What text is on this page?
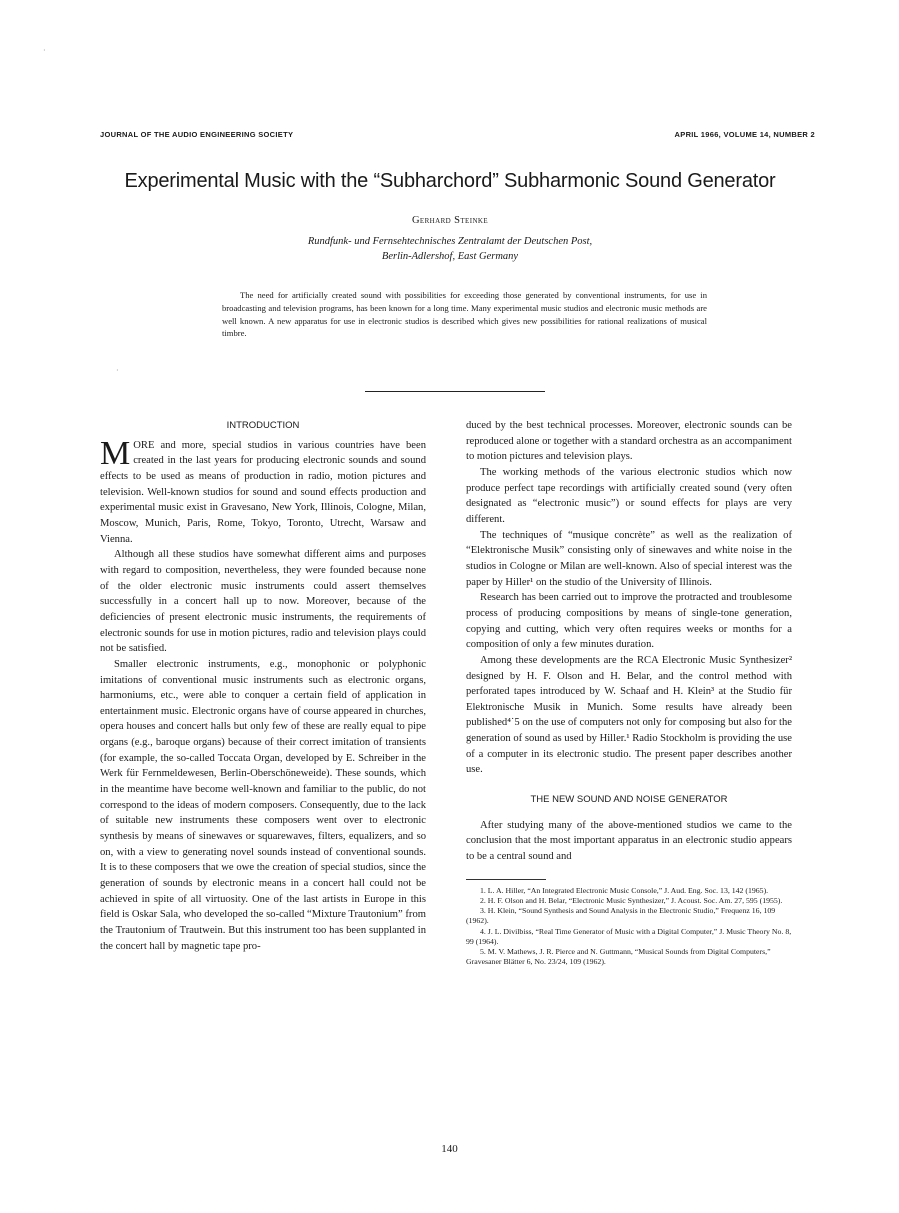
JOURNAL OF THE AUDIO ENGINEERING SOCIETY	APRIL 1966, VOLUME 14, NUMBER 2
Experimental Music with the “Subharchord” Subharmonic Sound Generator
Gerhard Steinke
Rundfunk- und Fernsehtechnisches Zentralamt der Deutschen Post,
Berlin-Adlershof, East Germany
The need for artificially created sound with possibilities for exceeding those generated by conventional instruments, for use in broadcasting and television programs, has been known for a long time. Many experimental music studios and electronic music methods are well known. A new apparatus for use in electronic studios is described which gives new possibilities for rational realizations of musical timbre.
·
·
INTRODUCTION

MORE and more, special studios in various countries have been created in the last years for producing electronic sounds and sound effects to be used as means of production in radio, motion pictures and television. Well-known studios for sound and sound effects production and experimental music exist in Gravesano, New York, Illinois, Cologne, Milan, Moscow, Munich, Paris, Rome, Tokyo, Toronto, Utrecht, Warsaw and Vienna.

Although all these studios have somewhat different aims and purposes with regard to composition, nevertheless, they were founded because none of the older electronic music instruments could assert themselves successfully in a concert hall up to now. Moreover, because of the deficiencies of present electronic music instruments, the requirements of electronic sounds for use in motion pictures, radio and television plays could not be satisfied.

Smaller electronic instruments, e.g., monophonic or polyphonic imitations of conventional music instruments such as electronic organs, harmoniums, etc., were able to conquer a certain field of application in entertainment music. Electronic organs have of course appeared in churches, opera houses and concert halls but only few of these are really equal to pipe organs (e.g., baroque organs) because of their correct imitation of transients (for example, the so-called Toccata Organ, developed by E. Schreiber in the Werk für Fernmeldewesen, Berlin-Oberschöneweide). These sounds, which in the meantime have become well-known and familiar to the public, do not correspond to the ideas of modern composers. Consequently, due to the lack of suitable new instruments these composers went over to electronic synthesis by means of sinewaves or squarewaves, filters, equalizers, and so on, with a view to generating novel sounds instead of conventional sounds. It is to these composers that we owe the creation of special studios, since the generation of sounds by electronic means in a concert hall could not be achieved in spite of all virtuosity. One of the last artists in Europe in this field is Oskar Sala, who developed the so-called “Mixture Trautonium” from the Trautonium of Trautwein. But this instrument too has been supplanted in the concert hall by magnetic tape pro-

duced by the best technical processes. Moreover, electronic sounds can be reproduced alone or together with a standard orchestra as an accompaniment to motion pictures and television plays.

The working methods of the various electronic studios which now produce perfect tape recordings with artificially created sound (very often designated as “electronic music”) or sound effects for plays are very different.

The techniques of “musique concrète” as well as the realization of “Elektronische Musik” consisting only of sinewaves and white noise in the studios in Cologne or Milan are well-known. Also of special interest was the paper by Hiller¹ on the studio of the University of Illinois.

Research has been carried out to improve the protracted and troublesome process of producing compositions by means of single-tone generation, copying and cutting, which very often requires weeks or months for a composition of only a few minutes duration.

Among these developments are the RCA Electronic Music Synthesizer² designed by H. F. Olson and H. Belar, and the control method with perforated tapes introduced by W. Schaaf and H. Klein³ at the Studio für Elektronische Musik in Munich. Some results have already been published⁴˙5 on the use of computers not only for composing but also for the generation of sound as used by Hiller.¹ Radio Stockholm is providing the use of a computer in its electronic studio. The present paper describes another use.

THE NEW SOUND AND NOISE GENERATOR

After studying many of the above-mentioned studios we came to the conclusion that the most important apparatus in an electronic studio appears to be a central sound and

1. L. A. Hiller, “An Integrated Electronic Music Console,” J. Aud. Eng. Soc. 13, 142 (1965).

2. H. F. Olson and H. Belar, “Electronic Music Synthesizer,” J. Acoust. Soc. Am. 27, 595 (1955).

3. H. Klein, “Sound Synthesis and Sound Analysis in the Electronic Studio,” Frequenz 16, 109 (1962).

4. J. L. Divilbiss, “Real Time Generator of Music with a Digital Computer,” J. Music Theory No. 8, 99 (1964).

5. M. V. Mathews, J. R. Pierce and N. Guttmann, “Musical Sounds from Digital Computers,” Gravesaner Blätter 6, No. 23/24, 109 (1962).

140
